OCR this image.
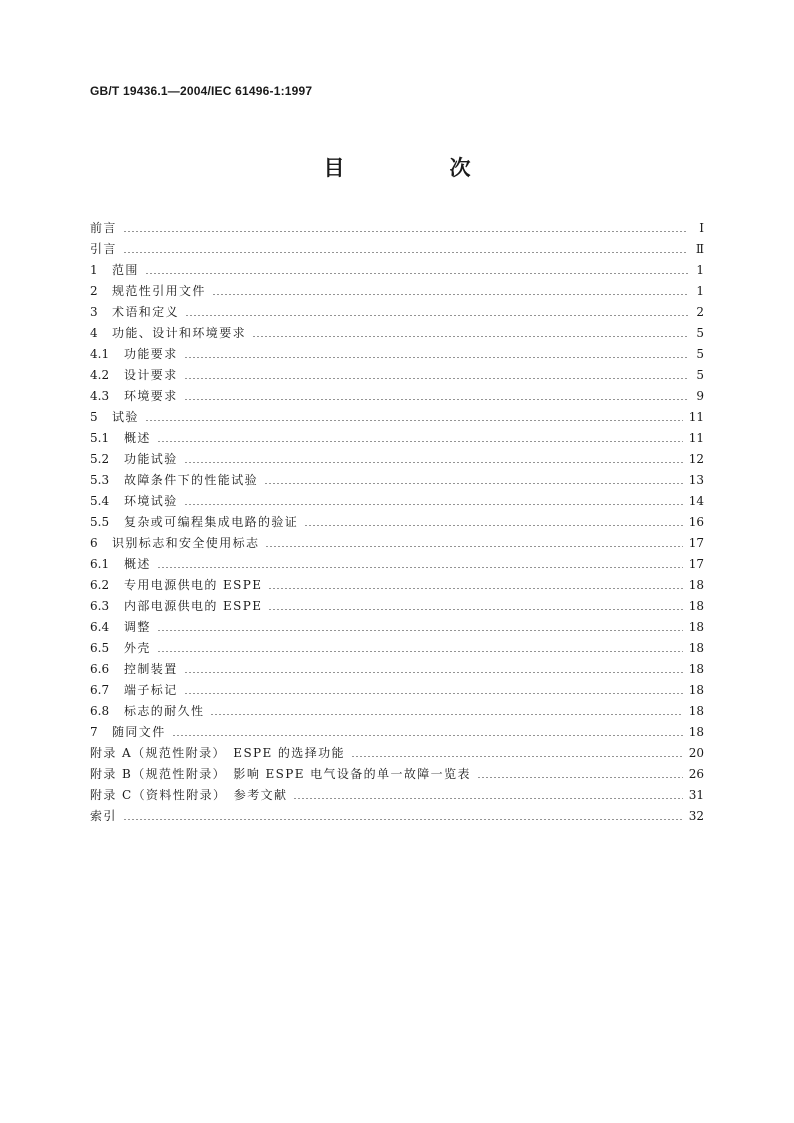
GB/T 19436.1—2004/IEC 61496-1:1997
目　次
前言	I
引言	Ⅱ
1	范围	1
2	规范性引用文件	1
3	术语和定义	2
4	功能、设计和环境要求	5
4.1	功能要求	5
4.2	设计要求	5
4.3	环境要求	9
5	试验	11
5.1	概述	11
5.2	功能试验	12
5.3	故障条件下的性能试验	13
5.4	环境试验	14
5.5	复杂或可编程集成电路的验证	16
6	识别标志和安全使用标志	17
6.1	概述	17
6.2	专用电源供电的 ESPE	18
6.3	内部电源供电的 ESPE	18
6.4	调整	18
6.5	外壳	18
6.6	控制装置	18
6.7	端子标记	18
6.8	标志的耐久性	18
7	随同文件	18
附录 A（规范性附录）　ESPE 的选择功能	20
附录 B（规范性附录）　影响 ESPE 电气设备的单一故障一览表	26
附录 C（资料性附录）　参考文献	31
索引	32
